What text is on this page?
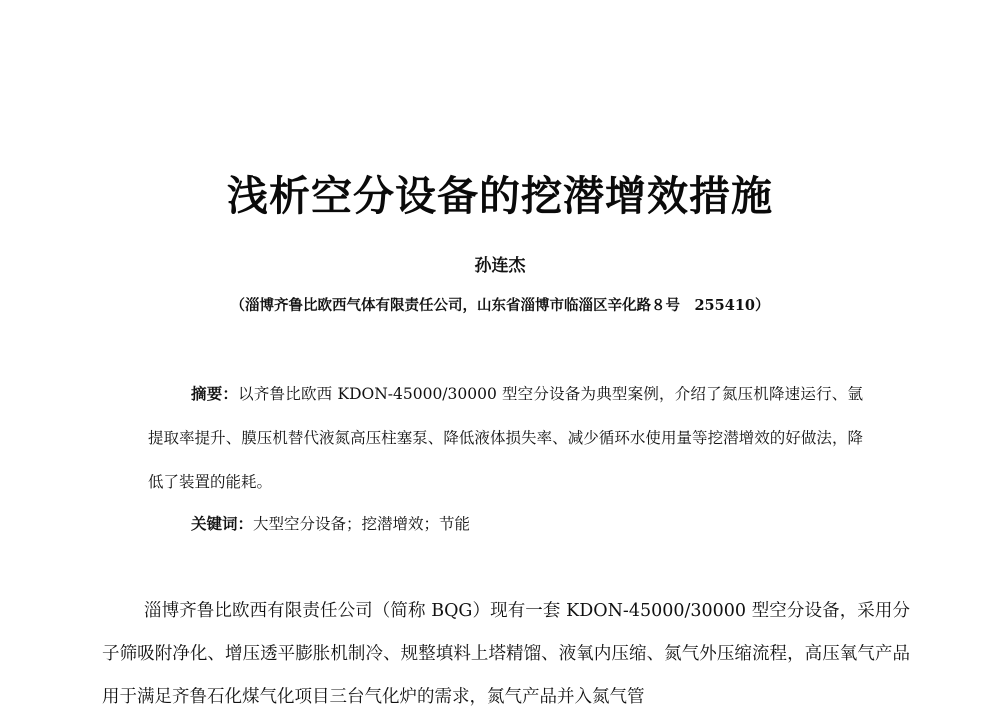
浅析空分设备的挖潜增效措施
孙连杰
（淄博齐鲁比欧西气体有限责任公司，山东省淄博市临淄区辛化路８号　255410）
摘要：以齐鲁比欧西 KDON-45000/30000 型空分设备为典型案例，介绍了氮压机降速运行、氩提取率提升、膜压机替代液氮高压柱塞泵、降低液体损失率、减少循环水使用量等挖潜增效的好做法，降低了装置的能耗。
关键词：大型空分设备；挖潜增效；节能
淄博齐鲁比欧西有限责任公司（简称 BQG）现有一套 KDON-45000/30000 型空分设备，采用分子筛吸附净化、增压透平膨胀机制冷、规整填料上塔精馏、液氧内压缩、氮气外压缩流程，高压氧气产品用于满足齐鲁石化煤气化项目三台气化炉的需求，氮气产品并入氮气管
